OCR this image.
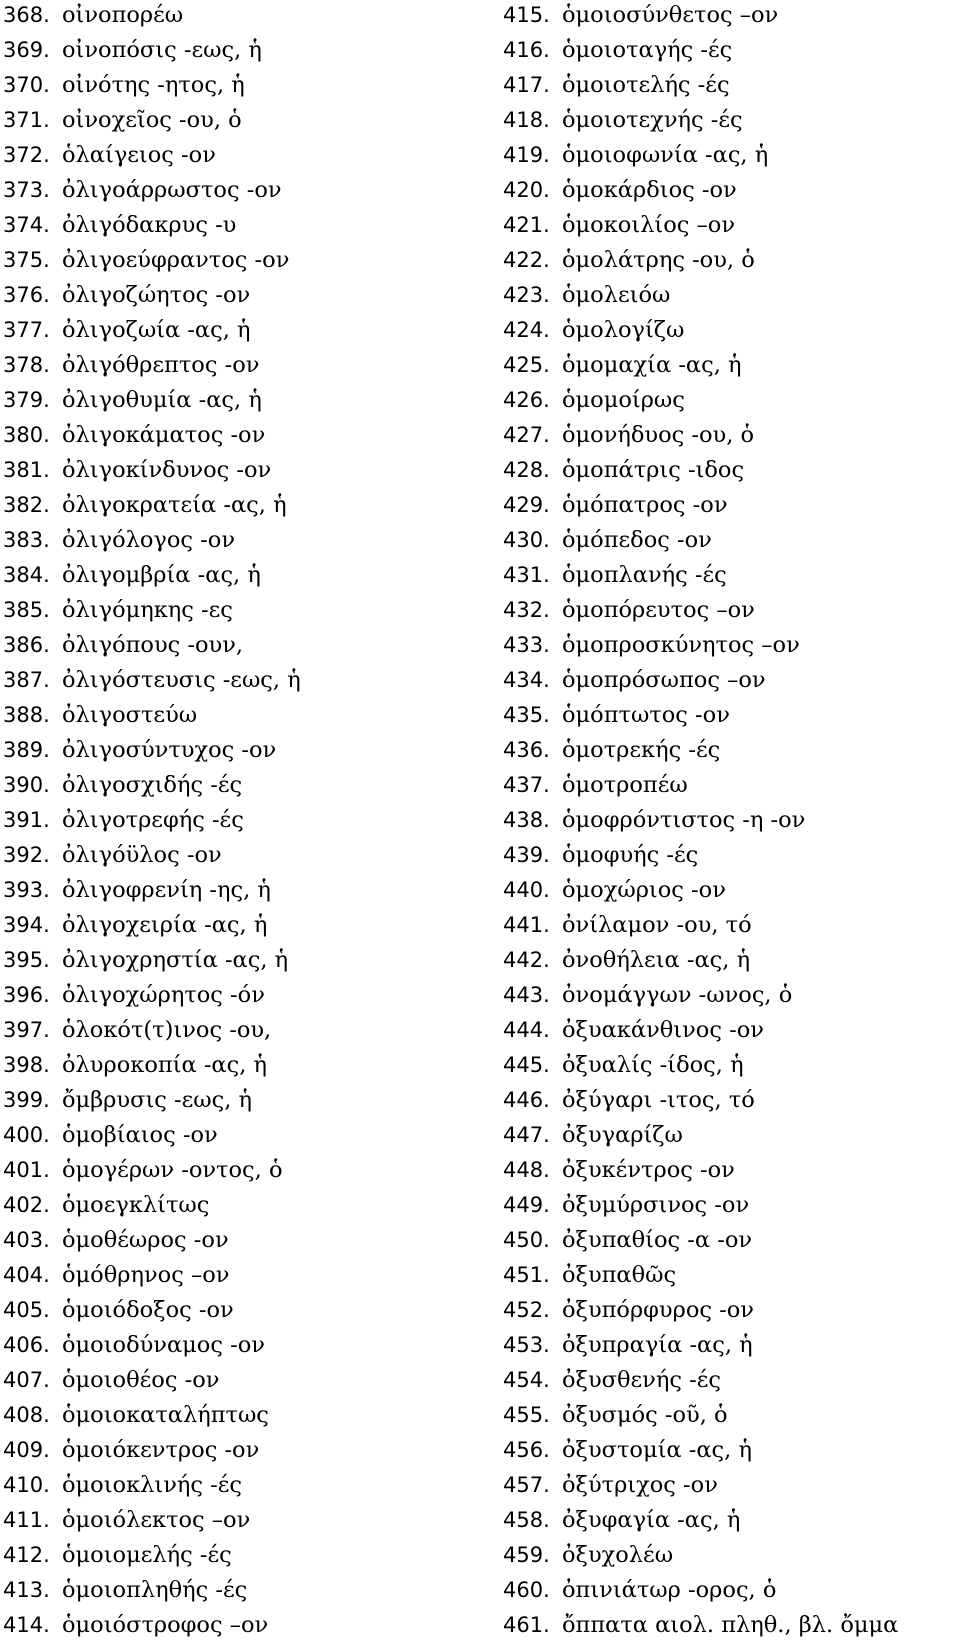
368. οἰνοπορέω
369. οἰνοπόσις -εως, ἡ
370. οἰνότης -ητος, ἡ
371. οἰνοχεῖος -ου, ὁ
372. ὁλαίγειος -ον
373. ὀλιγοάρρωστος -ον
374. ὀλιγόδακρυς -υ
375. ὀλιγοεύφραντος -ον
376. ὀλιγοζώητος -ον
377. ὀλιγοζωία -ας, ἡ
378. ὀλιγόθρεπτος -ον
379. ὀλιγοθυμία -ας, ἡ
380. ὀλιγοκάματος -ον
381. ὀλιγοκίνδυνος -ον
382. ὀλιγοκρατεία -ας, ἡ
383. ὀλιγόλογος -ον
384. ὀλιγομβρία -ας, ἡ
385. ὀλιγόμηκης -ες
386. ὀλιγόπους -ουν,
387. ὀλιγόστευσις -εως, ἡ
388. ὀλιγοστεύω
389. ὀλιγοσύντυχος -ον
390. ὀλιγοσχιδής -ές
391. ὀλιγοτρεφής -ές
392. ὀλιγόϋλος -ον
393. ὀλιγοφρενίη -ης, ἡ
394. ὀλιγοχειρία -ας, ἡ
395. ὀλιγοχρηστία -ας, ἡ
396. ὀλιγοχώρητος -όν
397. ὁλοκότ(τ)ινος -ου,
398. ὀλυροκοπία -ας, ἡ
399. ὄμβρυσις -εως, ἡ
400. ὁμοβίαιος -ον
401. ὁμογέρων -οντος, ὁ
402. ὁμοεγκλίτως
403. ὁμοθέωρος -ον
404. ὁμόθρηνος –ον
405. ὁμοιόδοξος -ον
406. ὁμοιοδύναμος -ον
407. ὁμοιοθέος -ον
408. ὁμοιοκαταλήπτως
409. ὁμοιόκεντρος -ον
410. ὁμοιοκλινής -ές
411. ὁμοιόλεκτος –ον
412. ὁμοιομελής -ές
413. ὁμοιοπληθής -ές
414. ὁμοιόστροφος –ον
415. ὁμοιοσύνθετος –ον
416. ὁμοιοταγής -ές
417. ὁμοιοτελής -ές
418. ὁμοιοτεχνής -ές
419. ὁμοιοφωνία -ας, ἡ
420. ὁμοκάρδιος -ον
421. ὁμοκοιλίος –ον
422. ὁμολάτρης -ου, ὁ
423. ὁμολειόω
424. ὁμολογίζω
425. ὁμομαχία -ας, ἡ
426. ὁμομοίρως
427. ὁμονήδυος -ου, ὁ
428. ὁμοπάτρις -ιδος
429. ὁμόπατρος -ον
430. ὁμόπεδος -ον
431. ὁμοπλανής -ές
432. ὁμοπόρευτος –ον
433. ὁμοπροσκύνητος –ον
434. ὁμοπρόσωπος –ον
435. ὁμόπτωτος -ον
436. ὁμοτρεκής -ές
437. ὁμοτροπέω
438. ὁμοφρόντιστος -η -ον
439. ὁμοφυής -ές
440. ὁμοχώριος -ον
441. ὀνίλαμον -ου, τό
442. ὀνοθήλεια -ας, ἡ
443. ὀνομάγγων -ωνος, ὁ
444. ὀξυακάνθινος -ον
445. ὀξυαλίς -ίδος, ἡ
446. ὀξύγαρι -ιτος, τό
447. ὀξυγαρίζω
448. ὀξυκέντρος -ον
449. ὀξυμύρσινος -ον
450. ὀξυπαθίος -α -ον
451. ὀξυπαθῶς
452. ὀξυπόρφυρος -ον
453. ὀξυπραγία -ας, ἡ
454. ὀξυσθενής -ές
455. ὀξυσμός -οῦ, ὁ
456. ὀξυστομία -ας, ἡ
457. ὀξύτριχος -ον
458. ὀξυφαγία -ας, ἡ
459. ὀξυχολέω
460. ὀπινιάτωρ -ορος, ὁ
461. ὄππατα αιολ. πληθ., βλ. ὄμμα
